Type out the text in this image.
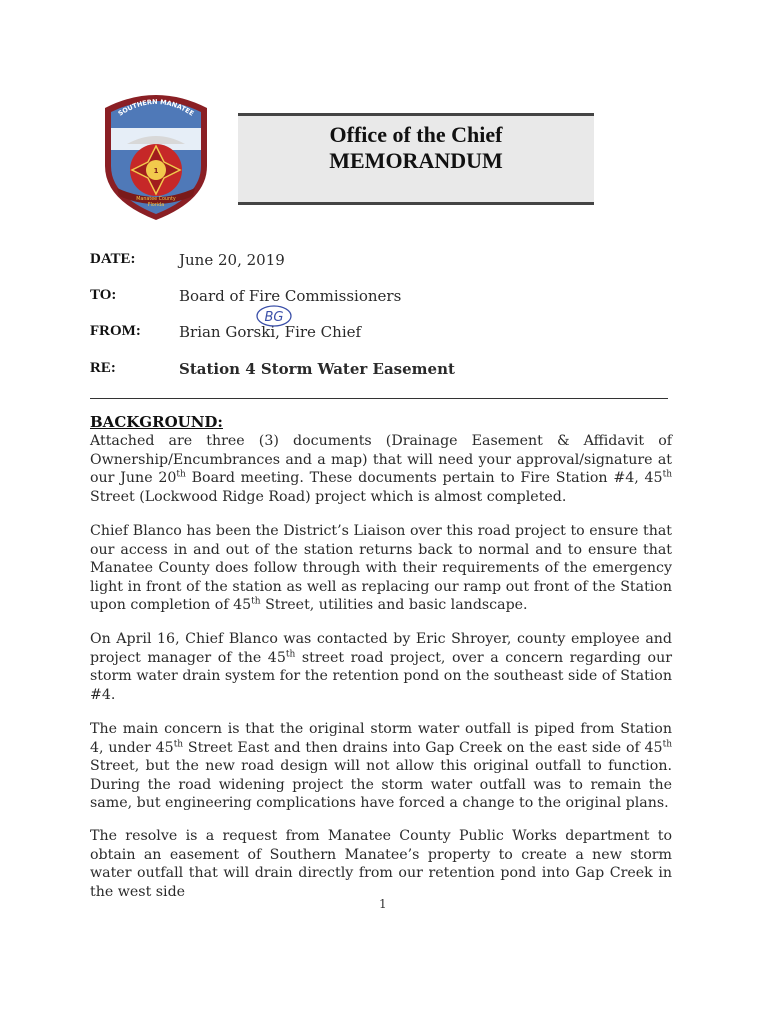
SOUTHERN MANATEE
1
Manatee County
Florida
Office of the Chief
MEMORANDUM
DATE:	June 20, 2019
TO:	Board of Fire Commissioners
FROM:	Brian Gorski, Fire Chief
RE:	Station 4 Storm Water Easement
BG
BACKGROUND:

Attached are three (3) documents (Drainage Easement & Affidavit of Ownership/Encumbrances and a map) that will need your approval/signature at our June 20th Board meeting. These documents pertain to Fire Station #4, 45th Street (Lockwood Ridge Road) project which is almost completed.

Chief Blanco has been the District’s Liaison over this road project to ensure that our access in and out of the station returns back to normal and to ensure that Manatee County does follow through with their requirements of the emergency light in front of the station as well as replacing our ramp out front of the Station upon completion of 45th Street, utilities and basic landscape.

On April 16, Chief Blanco was contacted by Eric Shroyer, county employee and project manager of the 45th street road project, over a concern regarding our storm water drain system for the retention pond on the southeast side of Station #4.

The main concern is that the original storm water outfall is piped from Station 4, under 45th Street East and then drains into Gap Creek on the east side of 45th Street, but the new road design will not allow this original outfall to function. During the road widening project the storm water outfall was to remain the same, but engineering complications have forced a change to the original plans.

The resolve is a request from Manatee County Public Works department to obtain an easement of Southern Manatee’s property to create a new storm water outfall that will drain directly from our retention pond into Gap Creek in the west side

1
